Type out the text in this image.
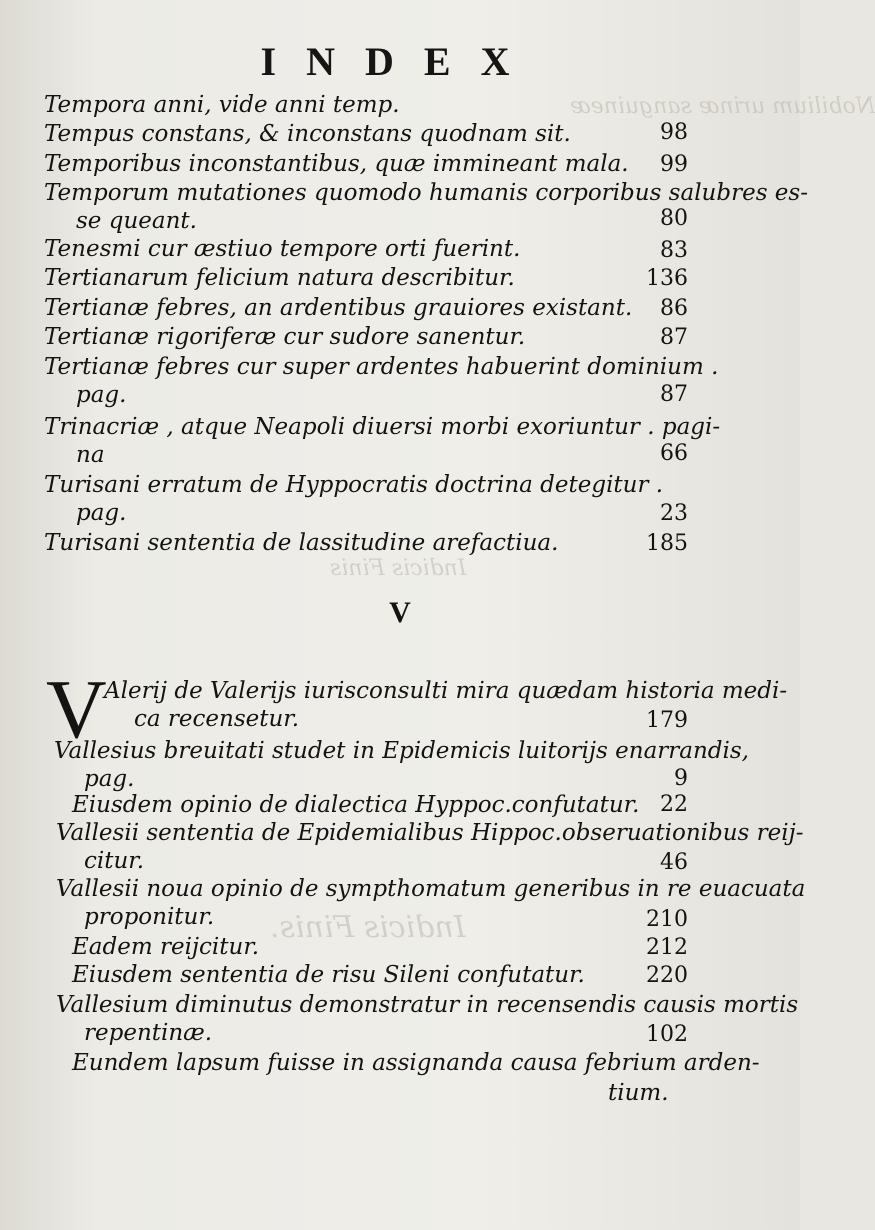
Nobilium urinæ sanguineæ
Indicis Finis
Indicis Finis.
INDEX
Tempora anni, vide anni temp.
Tempus constans, & inconstans quodnam sit.	98
Temporibus inconstantibus, quæ immineant mala. 99
Temporum mutationes quomodo humanis corporibus salubres es-
se queant.	80
Tenesmi cur æstiuo tempore orti fuerint.	83
Tertianarum felicium natura describitur.	136
Tertianæ febres, an ardentibus grauiores existant. 86
Tertianæ rigoriferæ cur sudore sanentur.	87
Tertianæ febres cur super ardentes habuerint dominium .
pag.	87
Trinacriæ , atque Neapoli diuersi morbi exoriuntur . pagi-
na	66
Turisani erratum de Hyppocratis doctrina detegitur .
pag.	23
Turisani sententia de lassitudine arefactiua.	185
V
V
Alerij de Valerijs iurisconsulti mira quædam historia medi-
ca recensetur.	179
Vallesius breuitati studet in Epidemicis luitorijs enarrandis,
pag.	9
Eiusdem opinio de dialectica Hyppoc.confutatur. 22
Vallesii sententia de Epidemialibus Hippoc.obseruationibus reij-
citur.	46
Vallesii noua opinio de sympthomatum generibus in re euacuata
proponitur.	210
Eadem reijcitur.	212
Eiusdem sententia de risu Sileni confutatur.	220
Vallesium diminutus demonstratur in recensendis causis mortis
repentinæ.	102
Eundem lapsum fuisse in assignanda causa febrium arden-
tium.
